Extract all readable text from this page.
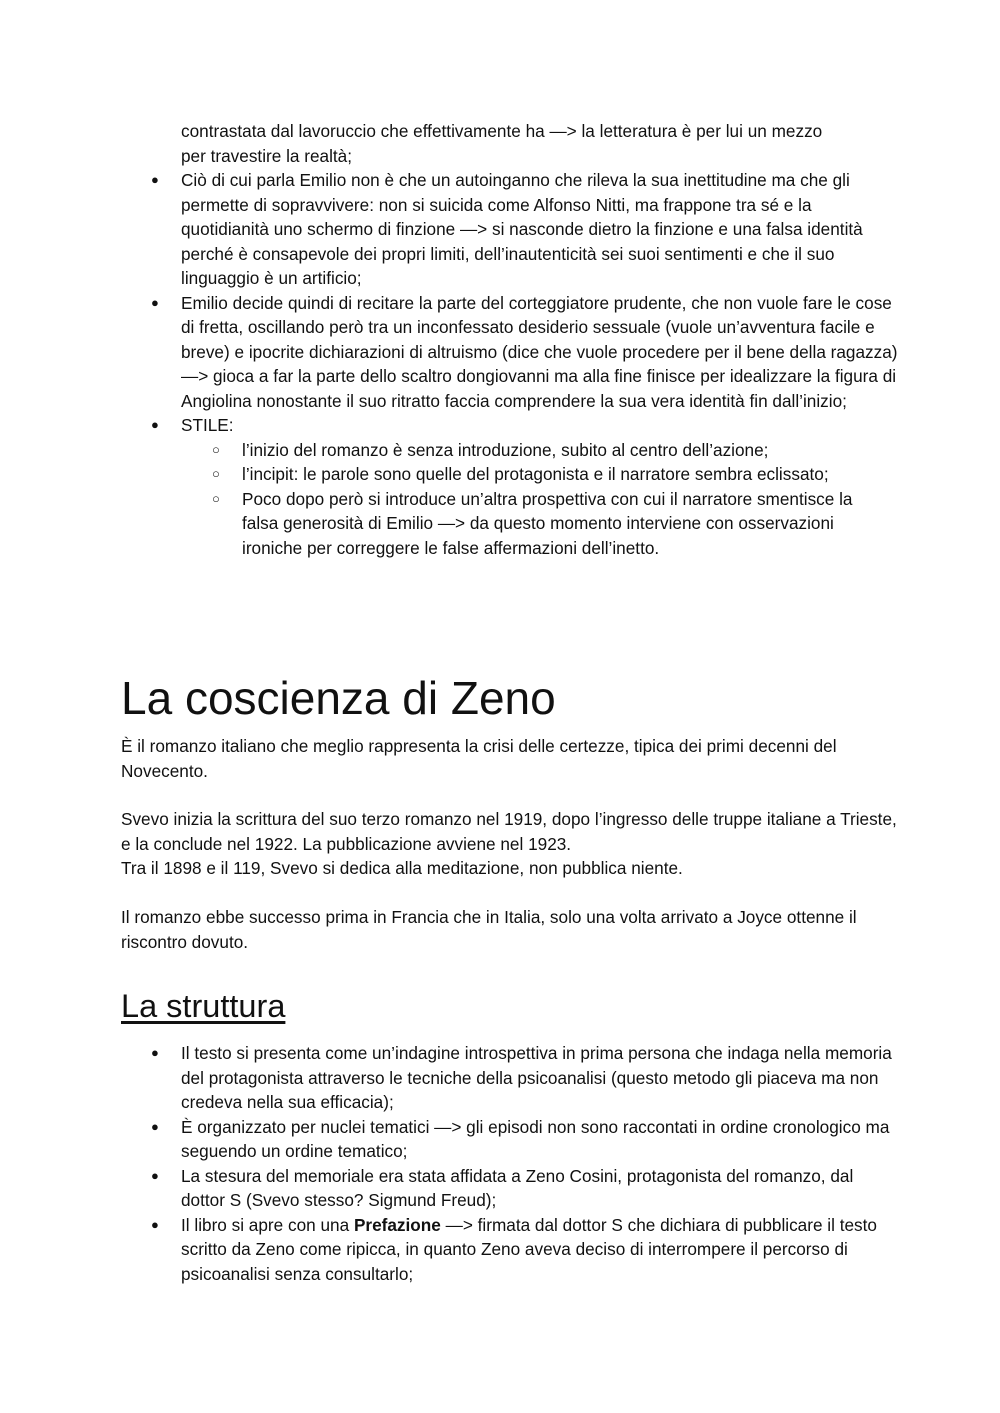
contrastata dal lavoruccio che effettivamente ha —> la letteratura è per lui un mezzo
per travestire la realtà;
● Ciò di cui parla Emilio non è che un autoinganno che rileva la sua inettitudine ma che gli permette di sopravvivere: non si suicida come Alfonso Nitti, ma frappone tra sé e la quotidianità uno schermo di finzione —> si nasconde dietro la finzione e una falsa identità perché è consapevole dei propri limiti, dell’inautenticità sei suoi sentimenti e che il suo linguaggio è un artificio;
● Emilio decide quindi di recitare la parte del corteggiatore prudente, che non vuole fare le cose di fretta, oscillando però tra un inconfessato desiderio sessuale (vuole un’avventura facile e breve) e ipocrite dichiarazioni di altruismo (dice che vuole procedere per il bene della ragazza) —> gioca a far la parte dello scaltro dongiovanni ma alla fine finisce per idealizzare la figura di Angiolina nonostante il suo ritratto faccia comprendere la sua vera identità fin dall’inizio;
● STILE:
○ l’inizio del romanzo è senza introduzione, subito al centro dell’azione;
○ l’incipit: le parole sono quelle del protagonista e il narratore sembra eclissato;
○ Poco dopo però si introduce un’altra prospettiva con cui il narratore smentisce la falsa generosità di Emilio —> da questo momento interviene con osservazioni ironiche per correggere le false affermazioni dell’inetto.
La coscienza di Zeno

È il romanzo italiano che meglio rappresenta la crisi delle certezze, tipica dei primi decenni del Novecento.

Svevo inizia la scrittura del suo terzo romanzo nel 1919, dopo l’ingresso delle truppe italiane a Trieste, e la conclude nel 1922. La pubblicazione avviene nel 1923.

Tra il 1898 e il 119, Svevo si dedica alla meditazione, non pubblica niente.

Il romanzo ebbe successo prima in Francia che in Italia, solo una volta arrivato a Joyce ottenne il riscontro dovuto.

La struttura
● Il testo si presenta come un’indagine introspettiva in prima persona che indaga nella memoria del protagonista attraverso le tecniche della psicoanalisi (questo metodo gli piaceva ma non credeva nella sua efficacia);
● È organizzato per nuclei tematici —> gli episodi non sono raccontati in ordine cronologico ma seguendo un ordine tematico;
● La stesura del memoriale era stata affidata a Zeno Cosini, protagonista del romanzo, dal dottor S (Svevo stesso? Sigmund Freud);
● Il libro si apre con una Prefazione —> firmata dal dottor S che dichiara di pubblicare il testo scritto da Zeno come ripicca, in quanto Zeno aveva deciso di interrompere il percorso di psicoanalisi senza consultarlo;
